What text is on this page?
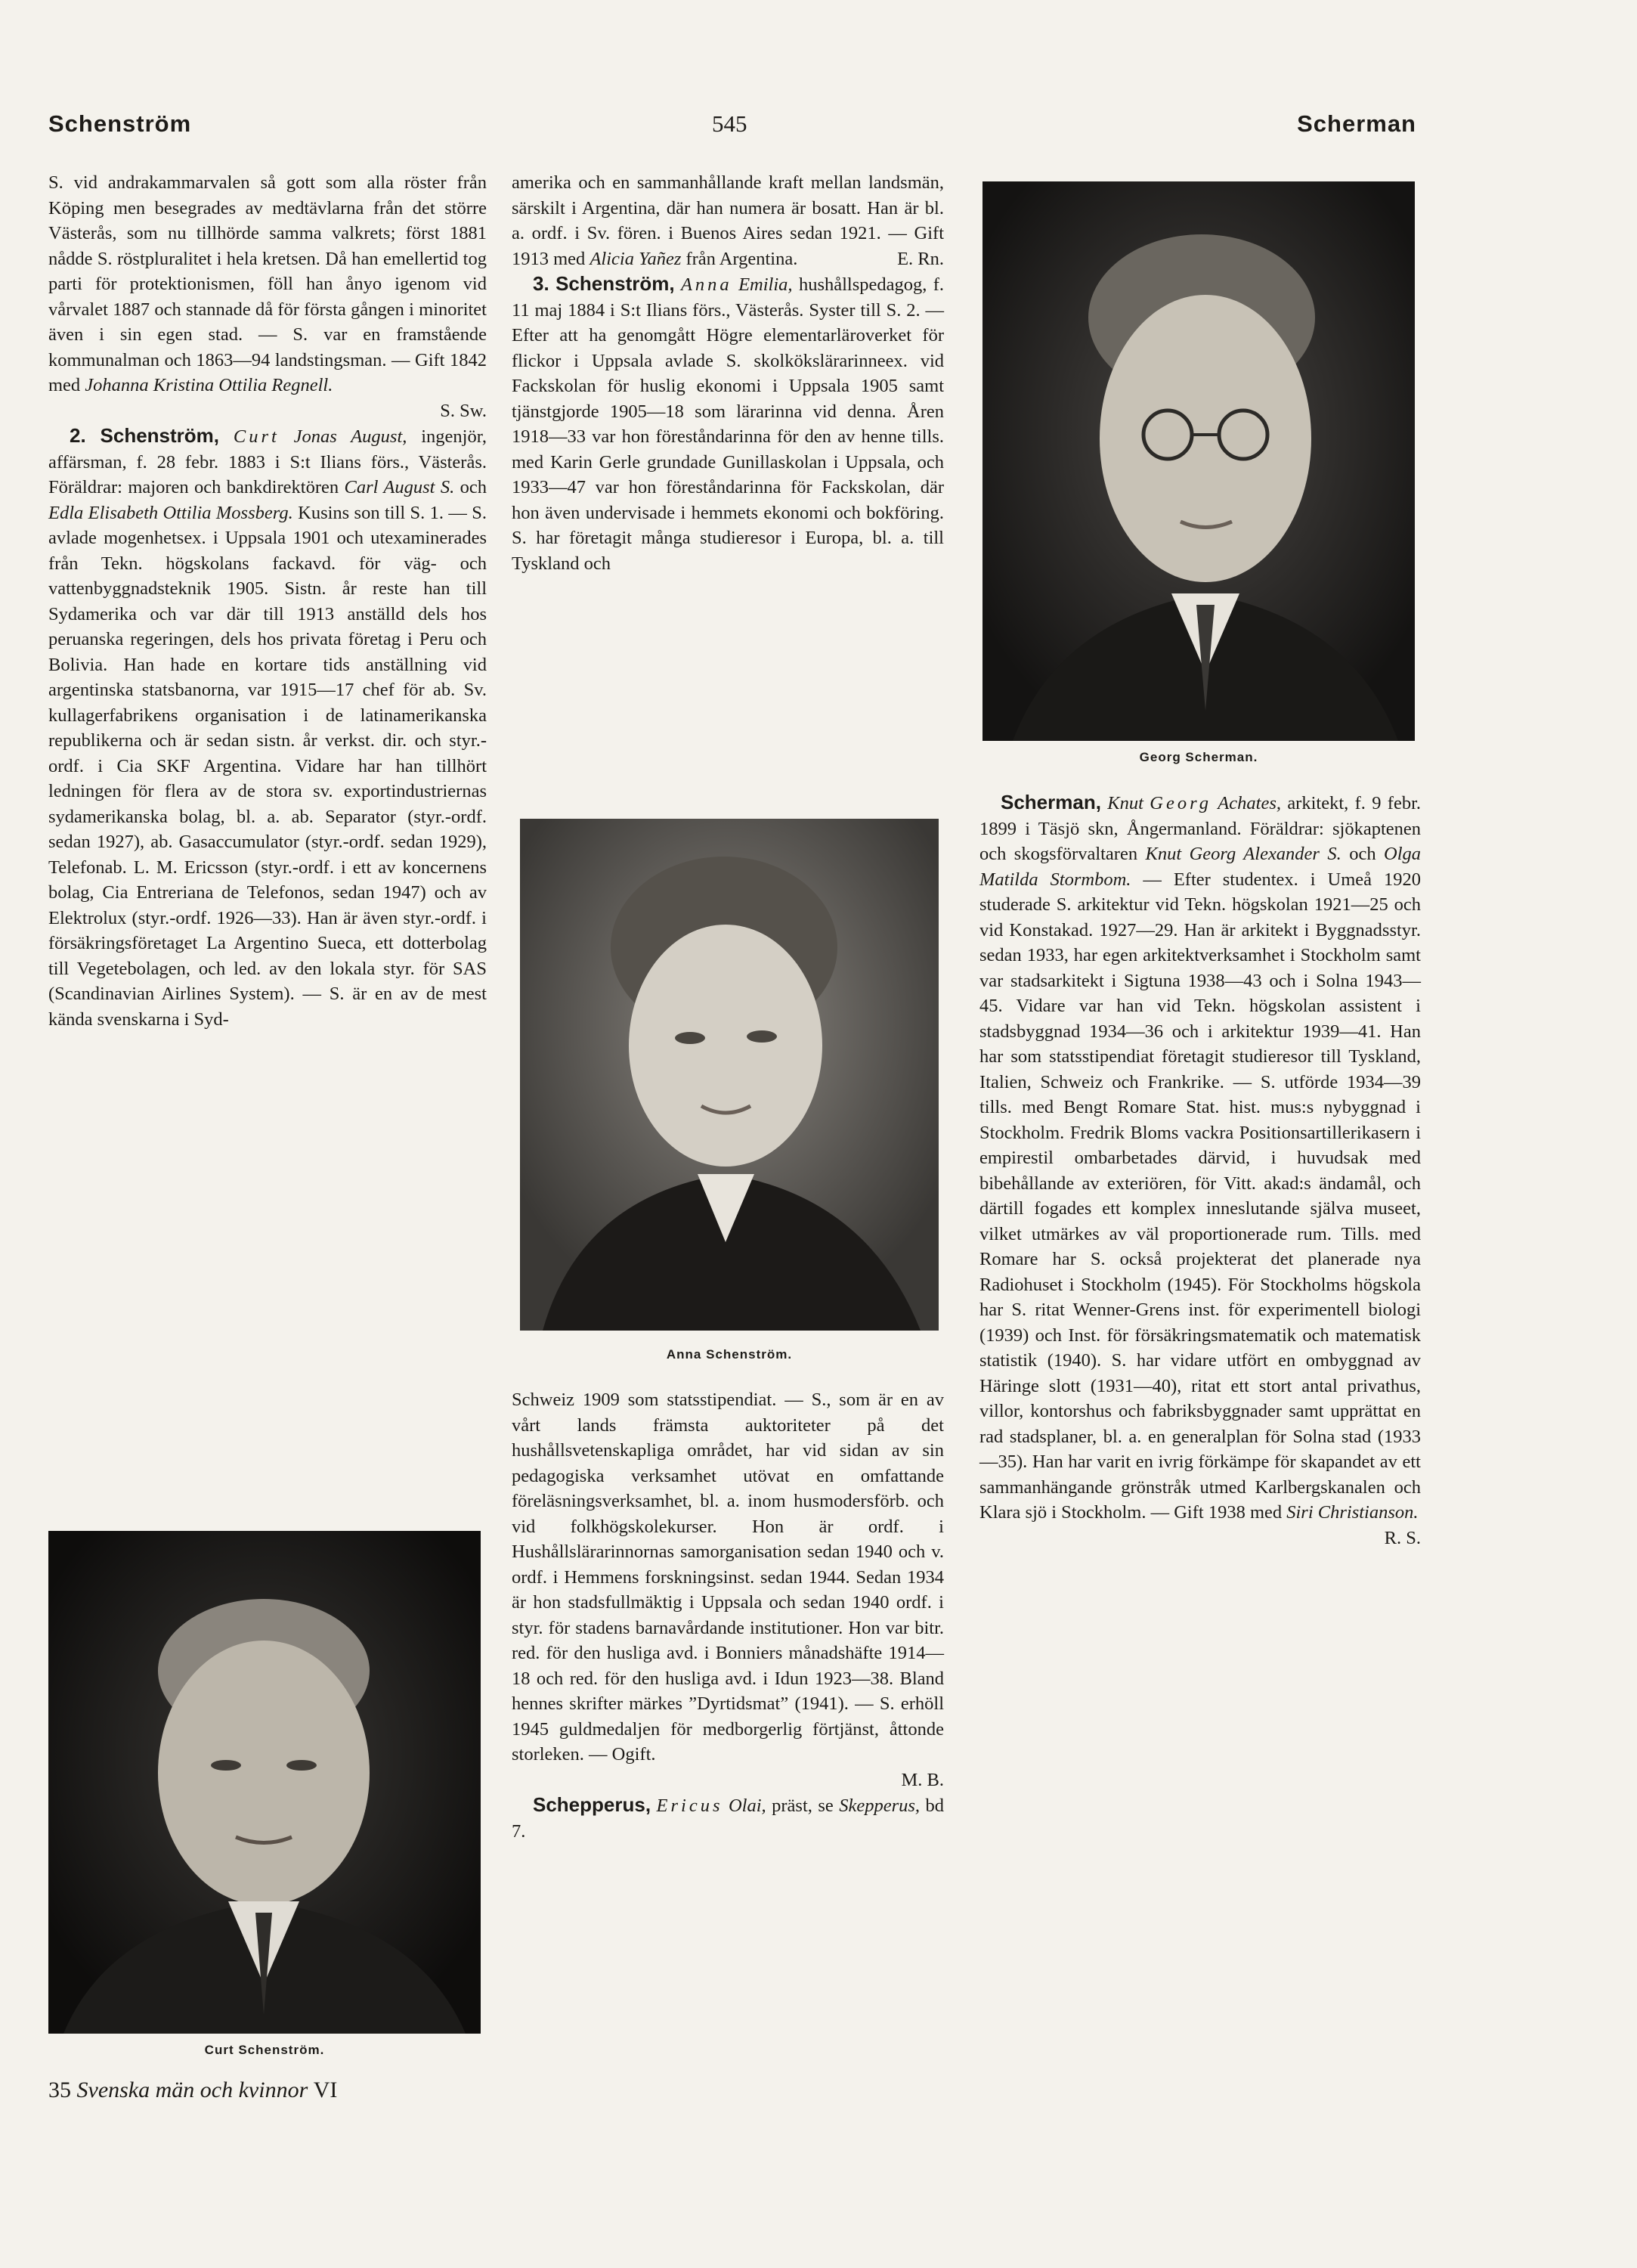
Schenström	545	Scherman

S. vid andrakammarvalen så gott som alla röster från Köping men besegrades av medtävlarna från det större Västerås, som nu tillhörde samma valkrets; först 1881 nådde S. röstpluralitet i hela kretsen. Då han emellertid tog parti för protektionismen, föll han ånyo igenom vid vårvalet 1887 och stannade då för första gången i minoritet även i sin egen stad. — S. var en framstående kommunalman och 1863—94 landstingsman. — Gift 1842 med Johanna Kristina Ottilia Regnell.
S. Sw.

2. Schenström, Curt Jonas August, ingenjör, affärsman, f. 28 febr. 1883 i S:t Ilians förs., Västerås. Föräldrar: majoren och bankdirektören Carl August S. och Edla Elisabeth Ottilia Mossberg. Kusins son till S. 1. — S. avlade mogenhetsex. i Uppsala 1901 och utexaminerades från Tekn. högskolans fackavd. för väg- och vattenbyggnadsteknik 1905. Sistn. år reste han till Sydamerika och var där till 1913 anställd dels hos peruanska regeringen, dels hos privata företag i Peru och Bolivia. Han hade en kortare tids anställning vid argentinska statsbanorna, var 1915—17 chef för ab. Sv. kullagerfabrikens organisation i de latinamerikanska republikerna och är sedan sistn. år verkst. dir. och styr.-ordf. i Cia SKF Argentina. Vidare har han tillhört ledningen för flera av de stora sv. exportindustriernas sydamerikanska bolag, bl. a. ab. Separator (styr.-ordf. sedan 1927), ab. Gasaccumulator (styr.-ordf. sedan 1929), Telefonab. L. M. Ericsson (styr.-ordf. i ett av koncernens bolag, Cia Entreriana de Telefonos, sedan 1947) och av Elektrolux (styr.-ordf. 1926—33). Han är även styr.-ordf. i försäkringsföretaget La Argentino Sueca, ett dotterbolag till Vegetebolagen, och led. av den lokala styr. för SAS (Scandinavian Airlines System). — S. är en av de mest kända svenskarna i Syd-

amerika och en sammanhållande kraft mellan landsmän, särskilt i Argentina, där han numera är bosatt. Han är bl. a. ordf. i Sv. fören. i Buenos Aires sedan 1921. — Gift 1913 med Alicia Yañez från Argentina.	E. Rn.

3. Schenström, Anna Emilia, hushållspedagog, f. 11 maj 1884 i S:t Ilians förs., Västerås. Syster till S. 2. — Efter att ha genomgått Högre elementarläroverket för flickor i Uppsala avlade S. skolkökslärarinneex. vid Fackskolan för huslig ekonomi i Uppsala 1905 samt tjänstgjorde 1905—18 som lärarinna vid denna. Åren 1918—33 var hon föreståndarinna för den av henne tills. med Karin Gerle grundade Gunillaskolan i Uppsala, och 1933—47 var hon föreståndarinna för Fackskolan, där hon även undervisade i hemmets ekonomi och bokföring. S. har företagit många studieresor i Europa, bl. a. till Tyskland och

Anna Schenström.

Schweiz 1909 som statsstipendiat. — S., som är en av vårt lands främsta auktoriteter på det hushållsvetenskapliga området, har vid sidan av sin pedagogiska verksamhet utövat en omfattande föreläsningsverksamhet, bl. a. inom husmodersförb. och vid folkhögskolekurser. Hon är ordf. i Hushållslärarinnornas samorganisation sedan 1940 och v. ordf. i Hemmens forskningsinst. sedan 1944. Sedan 1934 är hon stadsfullmäktig i Uppsala och sedan 1940 ordf. i styr. för stadens barnavårdande institutioner. Hon var bitr. red. för den husliga avd. i Bonniers månadshäfte 1914—18 och red. för den husliga avd. i Idun 1923—38. Bland hennes skrifter märkes ”Dyrtidsmat” (1941). — S. erhöll 1945 guldmedaljen för medborgerlig förtjänst, åttonde storleken. — Ogift.
M. B.

Schepperus, Ericus Olai, präst, se Skepperus, bd 7.

Georg Scherman.

Scherman, Knut Georg Achates, arkitekt, f. 9 febr. 1899 i Täsjö skn, Ångermanland. Föräldrar: sjökaptenen och skogsförvaltaren Knut Georg Alexander S. och Olga Matilda Stormbom. — Efter studentex. i Umeå 1920 studerade S. arkitektur vid Tekn. högskolan 1921—25 och vid Konstakad. 1927—29. Han är arkitekt i Byggnadsstyr. sedan 1933, har egen arkitektverksamhet i Stockholm samt var stadsarkitekt i Sigtuna 1938—43 och i Solna 1943—45. Vidare var han vid Tekn. högskolan assistent i stadsbyggnad 1934—36 och i arkitektur 1939—41. Han har som statsstipendiat företagit studieresor till Tyskland, Italien, Schweiz och Frankrike. — S. utförde 1934—39 tills. med Bengt Romare Stat. hist. mus:s nybyggnad i Stockholm. Fredrik Bloms vackra Positionsartillerikasern i empirestil ombarbetades därvid, i huvudsak med bibehållande av exteriören, för Vitt. akad:s ändamål, och därtill fogades ett komplex inneslutande själva museet, vilket utmärkes av väl proportionerade rum. Tills. med Romare har S. också projekterat det planerade nya Radiohuset i Stockholm (1945). För Stockholms högskola har S. ritat Wenner-Grens inst. för experimentell biologi (1939) och Inst. för försäkringsmatematik och matematisk statistik (1940). S. har vidare utfört en ombyggnad av Häringe slott (1931—40), ritat ett stort antal privathus, villor, kontorshus och fabriksbyggnader samt upprättat en rad stadsplaner, bl. a. en generalplan för Solna stad (1933—35). Han har varit en ivrig förkämpe för skapandet av ett sammanhängande grönstråk utmed Karlbergskanalen och Klara sjö i Stockholm. — Gift 1938 med Siri Christianson.
R. S.

Curt Schenström.
35 Svenska män och kvinnor VI
